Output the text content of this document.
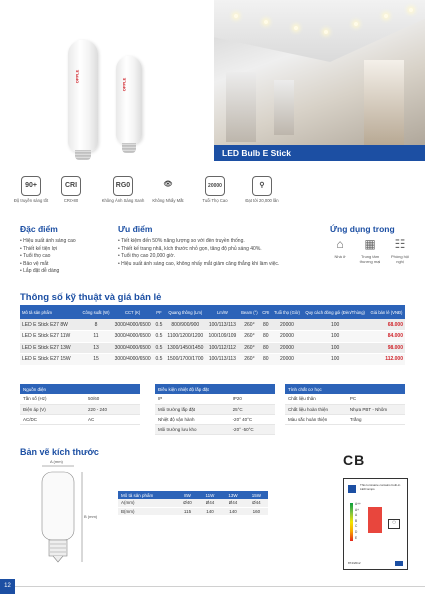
OPPLE
OPPLE
LED Bulb E Stick
90+
Độ truyền sáng tốt
CRI
CRI>80
RG0
Không Ánh Sáng Xanh
👁
Không Nhấy Mắt
20000
Tuổi Thọ Cao
⚲
Đạt tới 20,000 lần
Đặc điểm
• Hiệu suất ánh sáng cao
• Thiết kế tiện lợi
• Tuổi thọ cao
• Bảo vệ mắt
• Lắp đặt dễ dàng
Ưu điểm
• Tiết kiệm đến 50% năng lượng so với đèn truyền thống.
• Thiết kế trang nhã, kích thước nhỏ gọn, tăng độ phủ sáng 40%.
• Tuổi thọ cao 20,000 giờ.
• Hiệu suất ánh sáng cao, không nhấy mắt giảm căng thẳng khi làm việc.
Ứng dụng trong
⌂
Nhà ở
▦
Trung tâm thương mại
☷
Phòng hội nghị
Thông số kỹ thuật và giá bán lẻ
Mô tả sản phẩm	Công suất (W)	CCT (K)	PF	Quang thông (Lm)	Lm/W	Beam (°)	CRI	Tuổi thọ (Giờ)	Quy cách đóng gói (Đèn/Thùng)	Giá bán lẻ (VNĐ)
LED E Stick E27 8W	8	3000/4000/6500	0.5	800/900/900	100/113/113	260°	80	20000	100	68.000
LED E Stick E27 11W	11	3000/4000/6500	0.5	1100/1200/1200	100/109/109	260°	80	20000	100	84.000
LED E Stick E27 13W	13	3000/4000/6500	0.5	1300/1450/1450	100/112/112	260°	80	20000	100	98.000
LED E Stick E27 15W	15	3000/4000/6500	0.5	1500/1700/1700	100/113/113	260°	80	20000	100	112.000
Nguồn điện	
Tần số (Hz)	50/60
Điện áp (V)	220 - 240
AC/DC	AC
Điều kiện nhiệt độ lắp đặt	
IP	IP20
Môi trường lắp đặt	25°C
Nhiệt độ vận hành	-20° 40°C
Môi trường lưu kho	-20° -50°C
Tính chất cơ học	
Chất liệu thân	PC
Chất liệu hoàn thiện	Nhựa PBT - Nhôm
Màu sắc hoàn thiện	Trắng
Bản vẽ kích thước
A (mm)
B (mm)
Mô tả sản phẩm	8W	11W	13W	15W
A(mm)	Ø40	Ø44	Ø44	Ø44
B(mm)	115	140	140	160
CB
This luminaire contains built-in LED lamps
A++
A+
A
B
C
D
E
◯
874/2012
12
